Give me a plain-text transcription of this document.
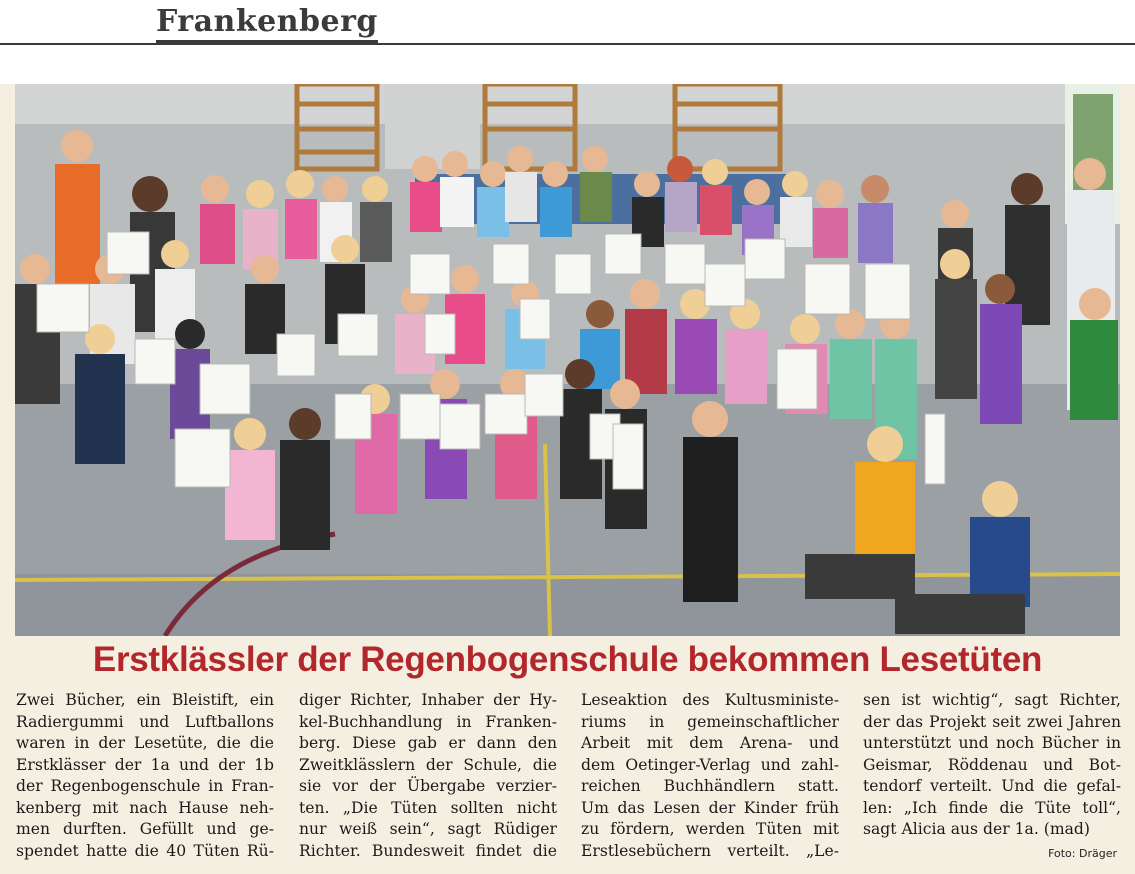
Frankenberg
Erstklässler der Regenbogenschule bekommen Lesetüten
Zwei Bücher, ein Bleistift, ein
Radiergummi und Luftballons
waren in der Lesetüte, die die
Erstklässer der 1a und der 1b
der Regenbogenschule in Fran-
kenberg mit nach Hause neh-
men durften. Gefüllt und ge-
spendet hatte die 40 Tüten Rü-
diger Richter, Inhaber der Hy-
kel-Buchhandlung in Franken-
berg. Diese gab er dann den
Zweitklässlern der Schule, die
sie vor der Übergabe verzier-
ten. „Die Tüten sollten nicht
nur weiß sein“, sagt Rüdiger
Richter. Bundesweit findet die
Leseaktion des Kultusministe-
riums in gemeinschaftlicher
Arbeit mit dem Arena- und
dem Oetinger-Verlag und zahl-
reichen Buchhändlern statt.
Um das Lesen der Kinder früh
zu fördern, werden Tüten mit
Erstlesebüchern verteilt. „Le-
sen ist wichtig“, sagt Richter,
der das Projekt seit zwei Jahren
unterstützt und noch Bücher in
Geismar, Röddenau und Bot-
tendorf verteilt. Und die gefal-
len: „Ich finde die Tüte toll“,
sagt Alicia aus der 1a. (mad)
Foto: Dräger
